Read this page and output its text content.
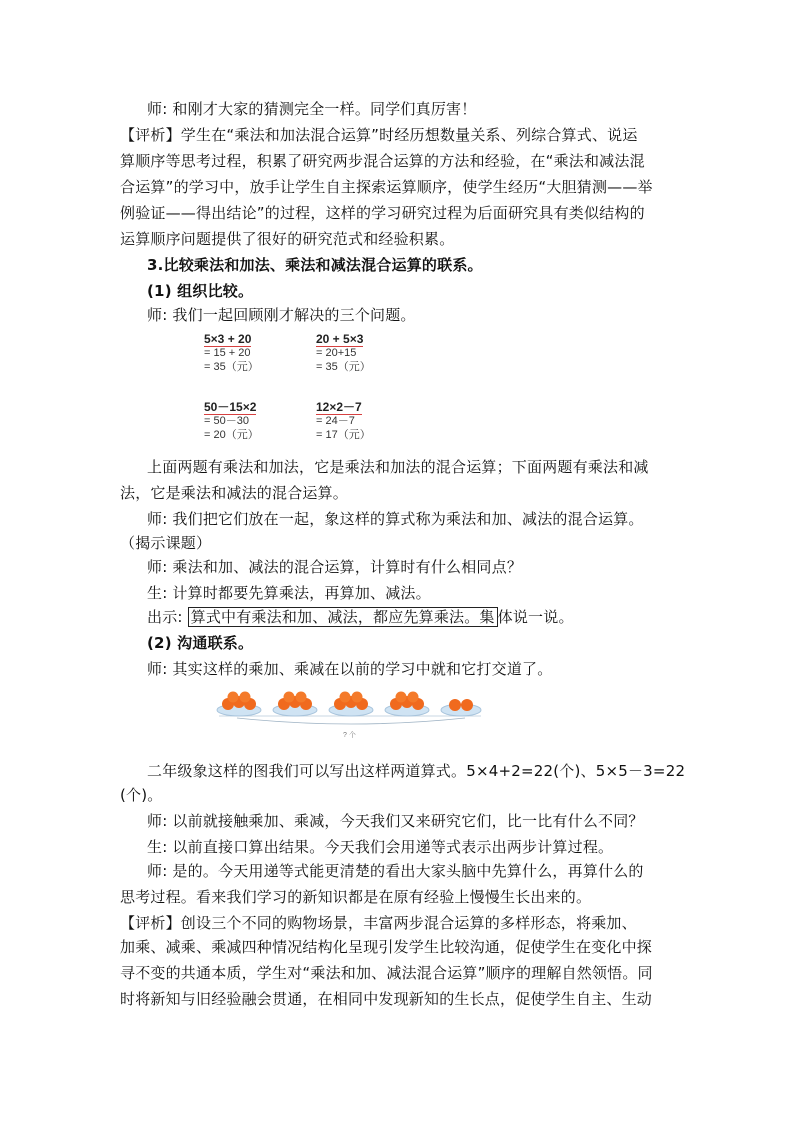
师: 和刚才大家的猜测完全一样。同学们真厉害！
【评析】学生在“乘法和加法混合运算”时经历想数量关系、列综合算式、说运
算顺序等思考过程，积累了研究两步混合运算的方法和经验，在“乘法和减法混
合运算”的学习中，放手让学生自主探索运算顺序，使学生经历“大胆猜测——举
例验证——得出结论”的过程，这样的学习研究过程为后面研究具有类似结构的
运算顺序问题提供了很好的研究范式和经验积累。
3.比较乘法和加法、乘法和减法混合运算的联系。
(1) 组织比较。
师: 我们一起回顾刚才解决的三个问题。
5×3 + 20
= 15 + 20
= 35（元）
20 + 5×3
= 20+15
= 35（元）
50－15×2
= 50－30
= 20（元）
12×2－7
= 24－7
= 17（元）
上面两题有乘法和加法，它是乘法和加法的混合运算；下面两题有乘法和减
法，它是乘法和减法的混合运算。
师: 我们把它们放在一起，象这样的算式称为乘法和加、减法的混合运算。
（揭示课题）
师: 乘法和加、减法的混合运算，计算时有什么相同点？
生: 计算时都要先算乘法，再算加、减法。
出示: 算式中有乘法和加、减法，都应先算乘法。集 体说一说。
(2) 沟通联系。
师: 其实这样的乘加、乘减在以前的学习中就和它打交道了。
? 个
二年级象这样的图我们可以写出这样两道算式。5×4+2=22(个)、5×5－3=22
(个)。
师: 以前就接触乘加、乘减，今天我们又来研究它们，比一比有什么不同？
生: 以前直接口算出结果。今天我们会用递等式表示出两步计算过程。
师: 是的。今天用递等式能更清楚的看出大家头脑中先算什么，再算什么的
思考过程。看来我们学习的新知识都是在原有经验上慢慢生长出来的。
【评析】创设三个不同的购物场景，丰富两步混合运算的多样形态，将乘加、
加乘、减乘、乘减四种情况结构化呈现引发学生比较沟通，促使学生在变化中探
寻不变的共通本质，学生对“乘法和加、减法混合运算”顺序的理解自然领悟。同
时将新知与旧经验融会贯通，在相同中发现新知的生长点，促使学生自主、生动
